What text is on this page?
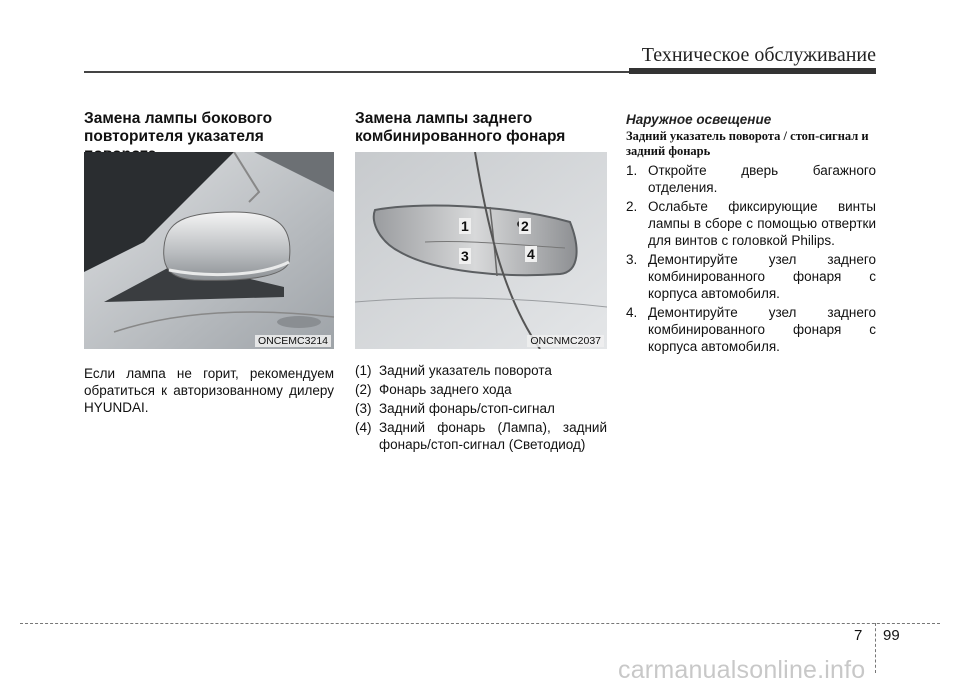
Техническое обслуживание
Замена лампы бокового
повторителя указателя
ONCEMC3214
Если лампа не горит, рекомендуем обратиться к авторизованному дилеру HYUNDAI.
Замена лампы заднего
комбинированного фонаря
1	2
3	4
ONCNMC2037
(1) Задний указатель поворота
(2) Фонарь заднего хода
(3) Задний фонарь/стоп-сигнал
(4) Задний фонарь (Лампа), задний фонарь/стоп-сигнал (Светодиод)
Наружное освещение
Задний указатель поворота / стоп-сигнал и задний фонарь
1. Откройте дверь багажного отделения.
2. Ослабьте фиксирующие винты лампы в сборе с помощью отвертки для винтов с головкой Philips.
3. Демонтируйте узел заднего комбинированного фонаря с корпуса автомобиля.
4. Демонтируйте узел заднего комбинированного фонаря с корпуса автомобиля.
7 99
carmanualsonline.info
